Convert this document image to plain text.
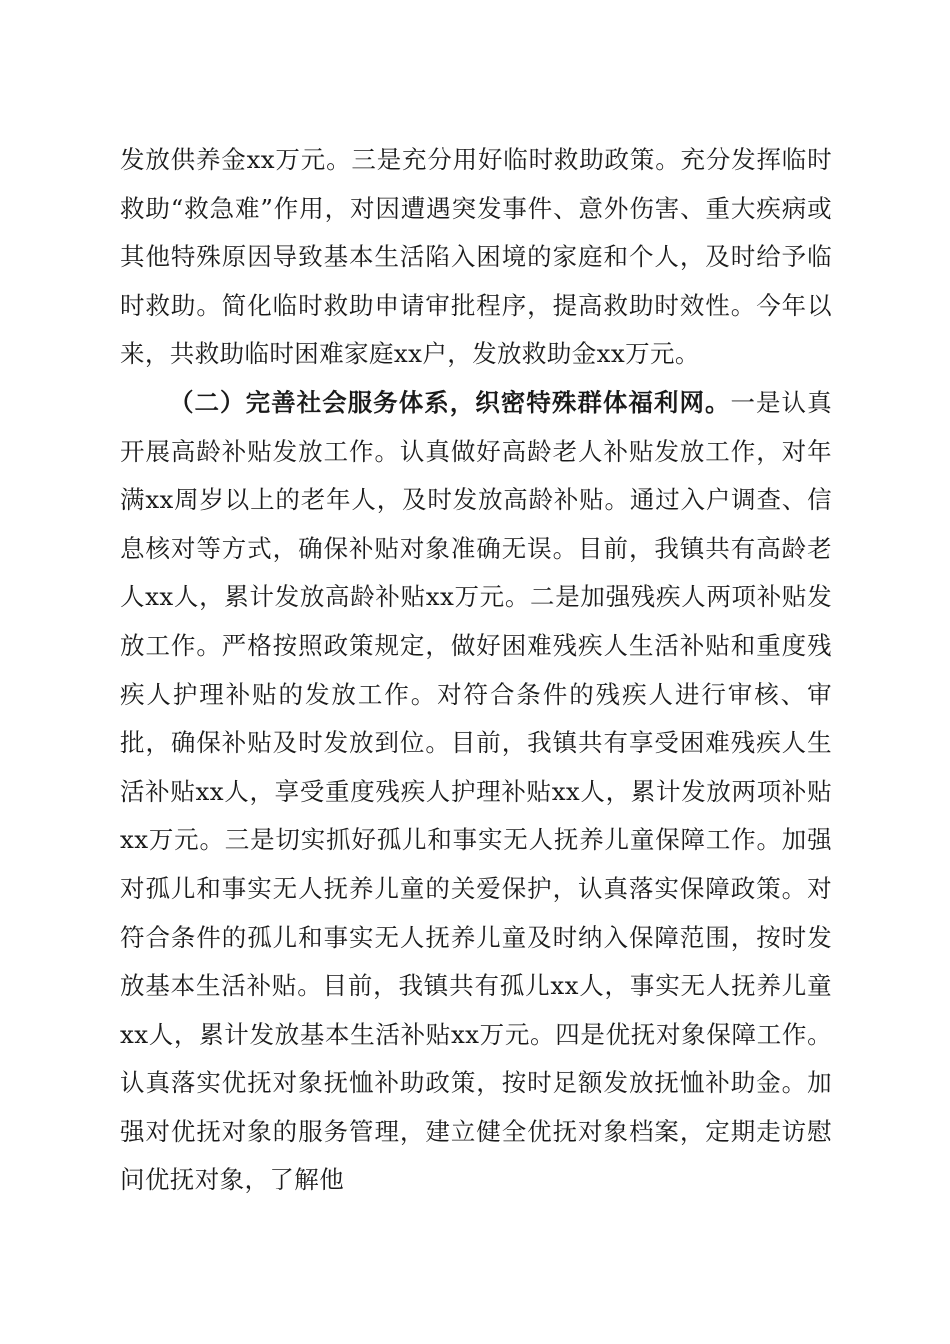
发放供养金xx万元。三是充分用好临时救助政策。充分发挥临时救助“救急难”作用，对因遭遇突发事件、意外伤害、重大疾病或其他特殊原因导致基本生活陷入困境的家庭和个人，及时给予临时救助。简化临时救助申请审批程序，提高救助时效性。今年以来，共救助临时困难家庭xx户，发放救助金xx万元。

（二）完善社会服务体系，织密特殊群体福利网。一是认真开展高龄补贴发放工作。认真做好高龄老人补贴发放工作，对年满xx周岁以上的老年人，及时发放高龄补贴。通过入户调查、信息核对等方式，确保补贴对象准确无误。目前，我镇共有高龄老人xx人，累计发放高龄补贴xx万元。二是加强残疾人两项补贴发放工作。严格按照政策规定，做好困难残疾人生活补贴和重度残疾人护理补贴的发放工作。对符合条件的残疾人进行审核、审批，确保补贴及时发放到位。目前，我镇共有享受困难残疾人生活补贴xx人，享受重度残疾人护理补贴xx人，累计发放两项补贴xx万元。三是切实抓好孤儿和事实无人抚养儿童保障工作。加强对孤儿和事实无人抚养儿童的关爱保护，认真落实保障政策。对符合条件的孤儿和事实无人抚养儿童及时纳入保障范围，按时发放基本生活补贴。目前，我镇共有孤儿xx人，事实无人抚养儿童xx人，累计发放基本生活补贴xx万元。四是优抚对象保障工作。认真落实优抚对象抚恤补助政策，按时足额发放抚恤补助金。加强对优抚对象的服务管理，建立健全优抚对象档案，定期走访慰问优抚对象，了解他
